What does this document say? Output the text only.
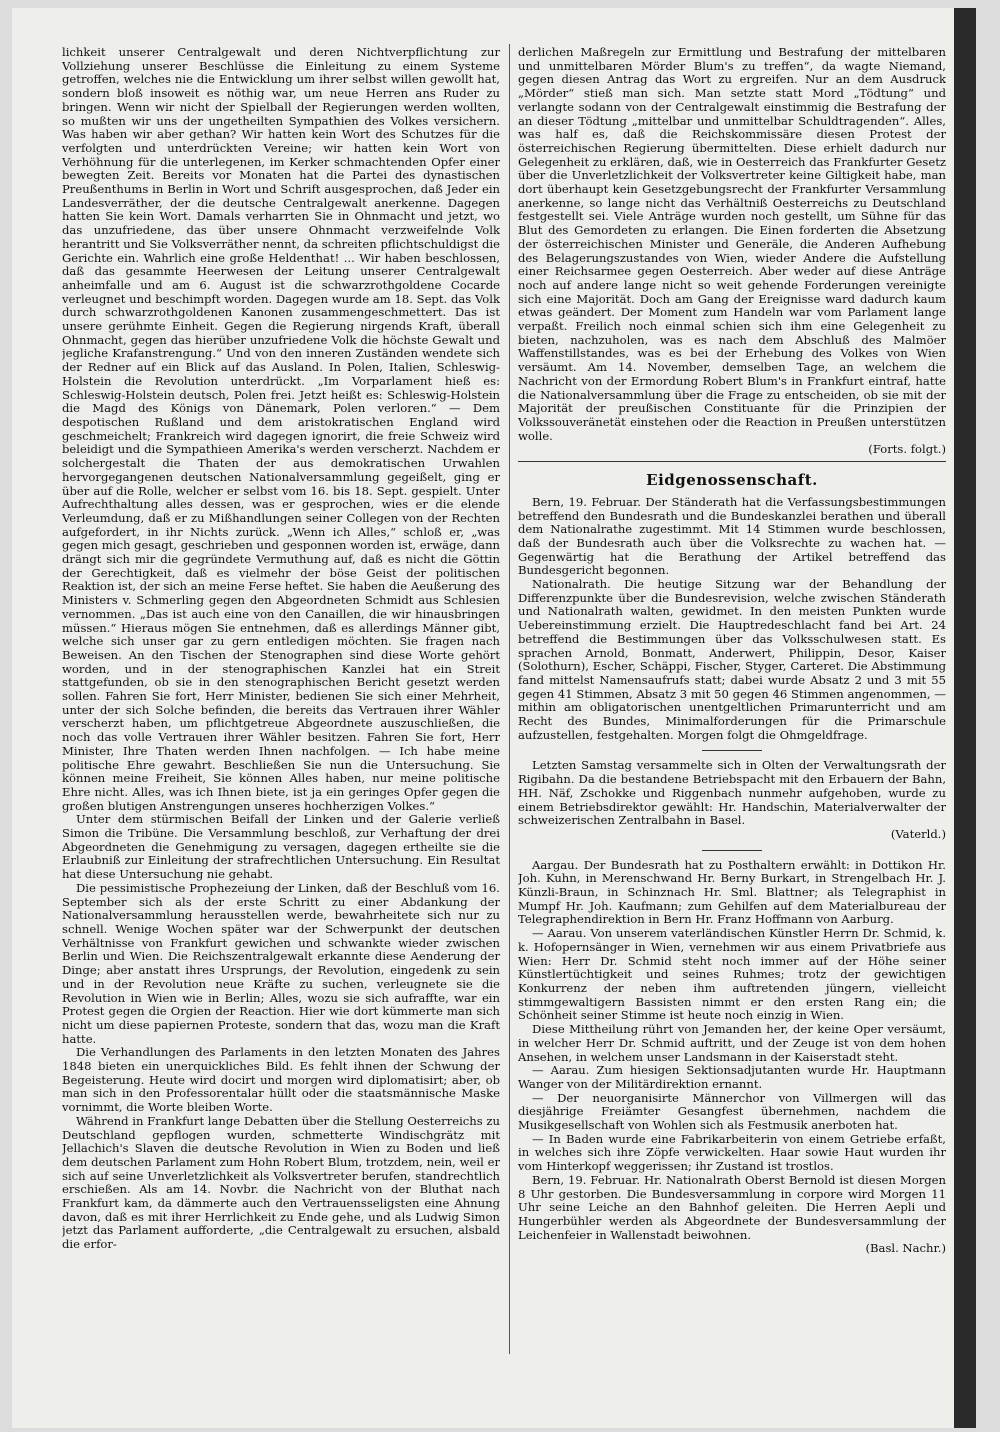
lichkeit unserer Centralgewalt und deren Nichtverpflichtung zur Vollziehung unserer Beschlüsse die Einleitung zu einem Systeme getroffen, welches nie die Entwicklung um ihrer selbst willen gewollt hat, sondern bloß insoweit es nöthig war, um neue Herren ans Ruder zu bringen. Wenn wir nicht der Spielball der Regierungen werden wollten, so mußten wir uns der ungetheilten Sympathien des Volkes versichern. Was haben wir aber gethan? Wir hatten kein Wort des Schutzes für die verfolgten und unterdrückten Vereine; wir hatten kein Wort von Verhöhnung für die unterlegenen, im Kerker schmachtenden Opfer einer bewegten Zeit. Bereits vor Monaten hat die Partei des dynastischen Preußenthums in Berlin in Wort und Schrift ausgesprochen, daß Jeder ein Landesverräther, der die deutsche Centralgewalt anerkenne. Dagegen hatten Sie kein Wort. Damals verharrten Sie in Ohnmacht und jetzt, wo das unzufriedene, das über unsere Ohnmacht verzweifelnde Volk herantritt und Sie Volksverräther nennt, da schreiten pflichtschuldigst die Gerichte ein. Wahrlich eine große Heldenthat! ... Wir haben beschlossen, daß das gesammte Heerwesen der Leitung unserer Centralgewalt anheimfalle und am 6. August ist die schwarzrothgoldene Cocarde verleugnet und beschimpft worden. Dagegen wurde am 18. Sept. das Volk durch schwarzrothgoldenen Kanonen zusammengeschmettert. Das ist unsere gerühmte Einheit. Gegen die Regierung nirgends Kraft, überall Ohnmacht, gegen das hierüber unzufriedene Volk die höchste Gewalt und jegliche Krafanstrengung.“ Und von den inneren Zuständen wendete sich der Redner auf ein Blick auf das Ausland. In Polen, Italien, Schleswig-Holstein die Revolution unterdrückt. „Im Vorparlament hieß es: Schleswig-Holstein deutsch, Polen frei. Jetzt heißt es: Schleswig-Holstein die Magd des Königs von Dänemark, Polen verloren.“ — Dem despotischen Rußland und dem aristokratischen England wird geschmeichelt; Frankreich wird dagegen ignorirt, die freie Schweiz wird beleidigt und die Sympathieen Amerika's werden verscherzt. Nachdem er solchergestalt die Thaten der aus demokratischen Urwahlen hervorgegangenen deutschen Nationalversammlung gegeißelt, ging er über auf die Rolle, welcher er selbst vom 16. bis 18. Sept. gespielt. Unter Aufrechthaltung alles dessen, was er gesprochen, wies er die elende Verleumdung, daß er zu Mißhandlungen seiner Collegen von der Rechten aufgefordert, in ihr Nichts zurück. „Wenn ich Alles,“ schloß er, „was gegen mich gesagt, geschrieben und gesponnen worden ist, erwäge, dann drängt sich mir die gegründete Vermuthung auf, daß es nicht die Göttin der Gerechtigkeit, daß es vielmehr der böse Geist der politischen Reaktion ist, der sich an meine Ferse heftet. Sie haben die Aeußerung des Ministers v. Schmerling gegen den Abgeordneten Schmidt aus Schlesien vernommen. „Das ist auch eine von den Canaillen, die wir hinausbringen müssen.“ Hieraus mögen Sie entnehmen, daß es allerdings Männer gibt, welche sich unser gar zu gern entledigen möchten. Sie fragen nach Beweisen. An den Tischen der Stenographen sind diese Worte gehört worden, und in der stenographischen Kanzlei hat ein Streit stattgefunden, ob sie in den stenographischen Bericht gesetzt werden sollen. Fahren Sie fort, Herr Minister, bedienen Sie sich einer Mehrheit, unter der sich Solche befinden, die bereits das Vertrauen ihrer Wähler verscherzt haben, um pflichtgetreue Abgeordnete auszuschließen, die noch das volle Vertrauen ihrer Wähler besitzen. Fahren Sie fort, Herr Minister, Ihre Thaten werden Ihnen nachfolgen. — Ich habe meine politische Ehre gewahrt. Beschließen Sie nun die Untersuchung. Sie können meine Freiheit, Sie können Alles haben, nur meine politische Ehre nicht. Alles, was ich Ihnen biete, ist ja ein geringes Opfer gegen die großen blutigen Anstrengungen unseres hochherzigen Volkes.“

Unter dem stürmischen Beifall der Linken und der Galerie verließ Simon die Tribüne. Die Versammlung beschloß, zur Verhaftung der drei Abgeordneten die Genehmigung zu versagen, dagegen ertheilte sie die Erlaubniß zur Einleitung der strafrechtlichen Untersuchung. Ein Resultat hat diese Untersuchung nie gehabt.

Die pessimistische Prophezeiung der Linken, daß der Beschluß vom 16. September sich als der erste Schritt zu einer Abdankung der Nationalversammlung herausstellen werde, bewahrheitete sich nur zu schnell. Wenige Wochen später war der Schwerpunkt der deutschen Verhältnisse von Frankfurt gewichen und schwankte wieder zwischen Berlin und Wien. Die Reichszentralgewalt erkannte diese Aenderung der Dinge; aber anstatt ihres Ursprungs, der Revolution, eingedenk zu sein und in der Revolution neue Kräfte zu suchen, verleugnete sie die Revolution in Wien wie in Berlin; Alles, wozu sie sich aufraffte, war ein Protest gegen die Orgien der Reaction. Hier wie dort kümmerte man sich nicht um diese papiernen Proteste, sondern that das, wozu man die Kraft hatte.

Die Verhandlungen des Parlaments in den letzten Monaten des Jahres 1848 bieten ein unerquickliches Bild. Es fehlt ihnen der Schwung der Begeisterung. Heute wird docirt und morgen wird diplomatisirt; aber, ob man sich in den Professorentalar hüllt oder die staatsmännische Maske vornimmt, die Worte bleiben Worte.

Während in Frankfurt lange Debatten über die Stellung Oesterreichs zu Deutschland gepflogen wurden, schmetterte Windischgrätz mit Jellachich's Slaven die deutsche Revolution in Wien zu Boden und ließ dem deutschen Parlament zum Hohn Robert Blum, trotzdem, nein, weil er sich auf seine Unverletzlichkeit als Volksvertreter berufen, standrechtlich erschießen. Als am 14. Novbr. die Nachricht von der Bluthat nach Frankfurt kam, da dämmerte auch den Vertrauensseligsten eine Ahnung davon, daß es mit ihrer Herrlichkeit zu Ende gehe, und als Ludwig Simon jetzt das Parlament aufforderte, „die Centralgewalt zu ersuchen, alsbald die erfor-

derlichen Maßregeln zur Ermittlung und Bestrafung der mittelbaren und unmittelbaren Mörder Blum's zu treffen“, da wagte Niemand, gegen diesen Antrag das Wort zu ergreifen. Nur an dem Ausdruck „Mörder“ stieß man sich. Man setzte statt Mord „Tödtung“ und verlangte sodann von der Centralgewalt einstimmig die Bestrafung der an dieser Tödtung „mittelbar und unmittelbar Schuldtragenden“. Alles, was half es, daß die Reichskommissäre diesen Protest der österreichischen Regierung übermittelten. Diese erhielt dadurch nur Gelegenheit zu erklären, daß, wie in Oesterreich das Frankfurter Gesetz über die Unverletzlichkeit der Volksvertreter keine Giltigkeit habe, man dort überhaupt kein Gesetzgebungsrecht der Frankfurter Versammlung anerkenne, so lange nicht das Verhältniß Oesterreichs zu Deutschland festgestellt sei. Viele Anträge wurden noch gestellt, um Sühne für das Blut des Gemordeten zu erlangen. Die Einen forderten die Absetzung der österreichischen Minister und Generäle, die Anderen Aufhebung des Belagerungszustandes von Wien, wieder Andere die Aufstellung einer Reichsarmee gegen Oesterreich. Aber weder auf diese Anträge noch auf andere lange nicht so weit gehende Forderungen vereinigte sich eine Majorität. Doch am Gang der Ereignisse ward dadurch kaum etwas geändert. Der Moment zum Handeln war vom Parlament lange verpaßt. Freilich noch einmal schien sich ihm eine Gelegenheit zu bieten, nachzuholen, was es nach dem Abschluß des Malmöer Waffenstillstandes, was es bei der Erhebung des Volkes von Wien versäumt. Am 14. November, demselben Tage, an welchem die Nachricht von der Ermordung Robert Blum's in Frankfurt eintraf, hatte die Nationalversammlung über die Frage zu entscheiden, ob sie mit der Majorität der preußischen Constituante für die Prinzipien der Volkssouveränetät einstehen oder die Reaction in Preußen unterstützen wolle.

(Forts. folgt.)

Eidgenossenschaft.

Bern, 19. Februar. Der Ständerath hat die Verfassungsbestimmungen betreffend den Bundesrath und die Bundeskanzlei berathen und überall dem Nationalrathe zugestimmt. Mit 14 Stimmen wurde beschlossen, daß der Bundesrath auch über die Volksrechte zu wachen hat. — Gegenwärtig hat die Berathung der Artikel betreffend das Bundesgericht begonnen.

Nationalrath. Die heutige Sitzung war der Behandlung der Differenzpunkte über die Bundesrevision, welche zwischen Ständerath und Nationalrath walten, gewidmet. In den meisten Punkten wurde Uebereinstimmung erzielt. Die Hauptredeschlacht fand bei Art. 24 betreffend die Bestimmungen über das Volksschulwesen statt. Es sprachen Arnold, Bonmatt, Anderwert, Philippin, Desor, Kaiser (Solothurn), Escher, Schäppi, Fischer, Styger, Carteret. Die Abstimmung fand mittelst Namensaufrufs statt; dabei wurde Absatz 2 und 3 mit 55 gegen 41 Stimmen, Absatz 3 mit 50 gegen 46 Stimmen angenommen, — mithin am obligatorischen unentgeltlichen Primarunterricht und am Recht des Bundes, Minimalforderungen für die Primarschule aufzustellen, festgehalten. Morgen folgt die Ohmgeldfrage.

Letzten Samstag versammelte sich in Olten der Verwaltungsrath der Rigibahn. Da die bestandene Betriebspacht mit den Erbauern der Bahn, HH. Näf, Zschokke und Riggenbach nunmehr aufgehoben, wurde zu einem Betriebsdirektor gewählt: Hr. Handschin, Materialverwalter der schweizerischen Zentralbahn in Basel.

(Vaterld.)

Aargau. Der Bundesrath hat zu Posthaltern erwählt: in Dottikon Hr. Joh. Kuhn, in Merenschwand Hr. Berny Burkart, in Strengelbach Hr. J. Künzli-Braun, in Schinznach Hr. Sml. Blattner; als Telegraphist in Mumpf Hr. Joh. Kaufmann; zum Gehilfen auf dem Materialbureau der Telegraphendirektion in Bern Hr. Franz Hoffmann von Aarburg.

— Aarau. Von unserem vaterländischen Künstler Herrn Dr. Schmid, k. k. Hofopernsänger in Wien, vernehmen wir aus einem Privatbriefe aus Wien: Herr Dr. Schmid steht noch immer auf der Höhe seiner Künstlertüchtigkeit und seines Ruhmes; trotz der gewichtigen Konkurrenz der neben ihm auftretenden jüngern, vielleicht stimmgewaltigern Bassisten nimmt er den ersten Rang ein; die Schönheit seiner Stimme ist heute noch einzig in Wien.

Diese Mittheilung rührt von Jemanden her, der keine Oper versäumt, in welcher Herr Dr. Schmid auftritt, und der Zeuge ist von dem hohen Ansehen, in welchem unser Landsmann in der Kaiserstadt steht.

— Aarau. Zum hiesigen Sektionsadjutanten wurde Hr. Hauptmann Wanger von der Militärdirektion ernannt.

— Der neuorganisirte Männerchor von Villmergen will das diesjährige Freiämter Gesangfest übernehmen, nachdem die Musikgesellschaft von Wohlen sich als Festmusik anerboten hat.

— In Baden wurde eine Fabrikarbeiterin von einem Getriebe erfaßt, in welches sich ihre Zöpfe verwickelten. Haar sowie Haut wurden ihr vom Hinterkopf weggerissen; ihr Zustand ist trostlos.

Bern, 19. Februar. Hr. Nationalrath Oberst Bernold ist diesen Morgen 8 Uhr gestorben. Die Bundesversammlung in corpore wird Morgen 11 Uhr seine Leiche an den Bahnhof geleiten. Die Herren Aepli und Hungerbühler werden als Abgeordnete der Bundesversammlung der Leichenfeier in Wallenstadt beiwohnen.

(Basl. Nachr.)
